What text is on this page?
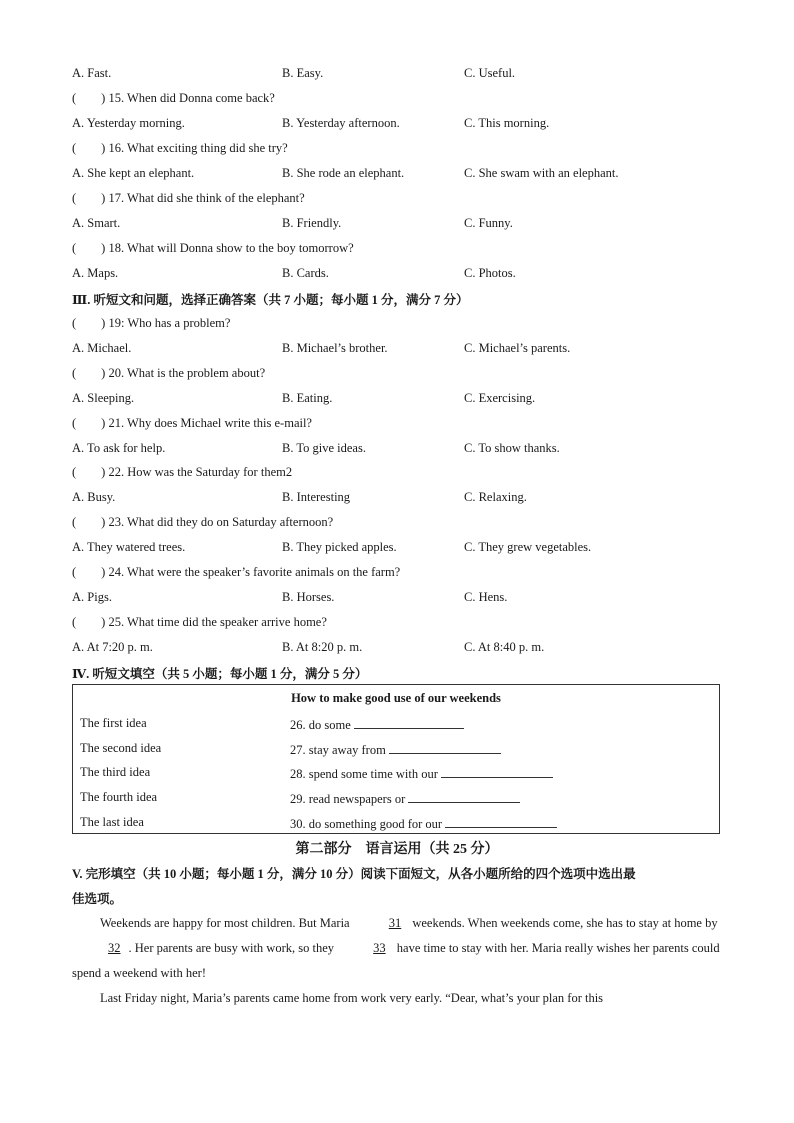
A. Fast.	B. Easy.	C. Useful.
(　　) 15. When did Donna come back?
A. Yesterday morning.	B. Yesterday afternoon.	C. This morning.
(　　) 16. What exciting thing did she try?
A. She kept an elephant.	B. She rode an elephant.	C. She swam with an elephant.
(　　) 17. What did she think of the elephant?
A. Smart.	B. Friendly.	C. Funny.
(　　) 18. What will Donna show to the boy tomorrow?
A. Maps.	B. Cards.	C. Photos.
Ⅲ. 听短文和问题，选择正确答案（共 7 小题；每小题 1 分，满分 7 分）
(　　) 19: Who has a problem?
A. Michael.	B. Michael’s brother.	C. Michael’s parents.
(　　) 20. What is the problem about?
A. Sleeping.	B. Eating.	C. Exercising.
(　　) 21. Why does Michael write this e-mail?
A. To ask for help.	B. To give ideas.	C. To show thanks.
(　　) 22. How was the Saturday for them2
A. Busy.	B. Interesting	C. Relaxing.
(　　) 23. What did they do on Saturday afternoon?
A. They watered trees.	B. They picked apples.	C. They grew vegetables.
(　　) 24. What were the speaker’s favorite animals on the farm?
A. Pigs.	B. Horses.	C. Hens.
(　　) 25. What time did the speaker arrive home?
A. At 7:20 p. m.	B. At 8:20 p. m.	C. At 8:40 p. m.
Ⅳ. 听短文填空（共 5 小题；每小题 1 分，满分 5 分）
How to make good use of our weekends
The first idea	26. do some
The second idea	27. stay away from
The third idea	28. spend some time with our
The fourth idea	29. read newspapers or
The last idea	30. do something good for our
第二部分　语言运用（共 25 分）
V. 完形填空（共 10 小题；每小题 1 分，满分 10 分）阅读下面短文，从各小题所给的四个选项中选出最
佳选项。
Weekends are happy for most children. But Maria	31 weekends. When weekends come, she has to stay at home by 32 . Her parents are busy with work, so they	33 have time to stay with her. Maria really wishes her parents could spend a weekend with her!
Last Friday night, Maria’s parents came home from work very early. “Dear, what’s your plan for this
